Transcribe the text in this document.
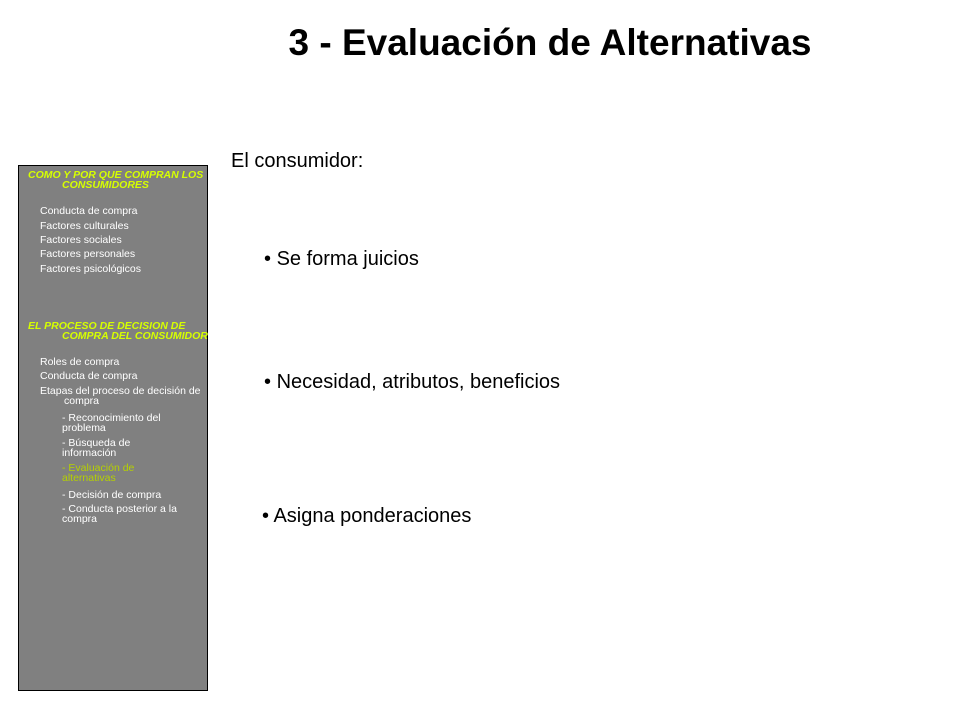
3 - Evaluación de Alternativas
COMO Y POR QUE COMPRAN LOS CONSUMIDORES
Conducta de compra
Factores culturales
Factores sociales
Factores personales
Factores psicológicos
EL PROCESO DE DECISION DE COMPRA DEL CONSUMIDOR
Roles de compra
Conducta de compra
Etapas del proceso de decisión de compra
- Reconocimiento del problema
- Búsqueda de información
- Evaluación de alternativas
- Decisión de compra
- Conducta posterior a la compra
El consumidor:
• Se forma juicios
• Necesidad, atributos, beneficios
• Asigna ponderaciones
